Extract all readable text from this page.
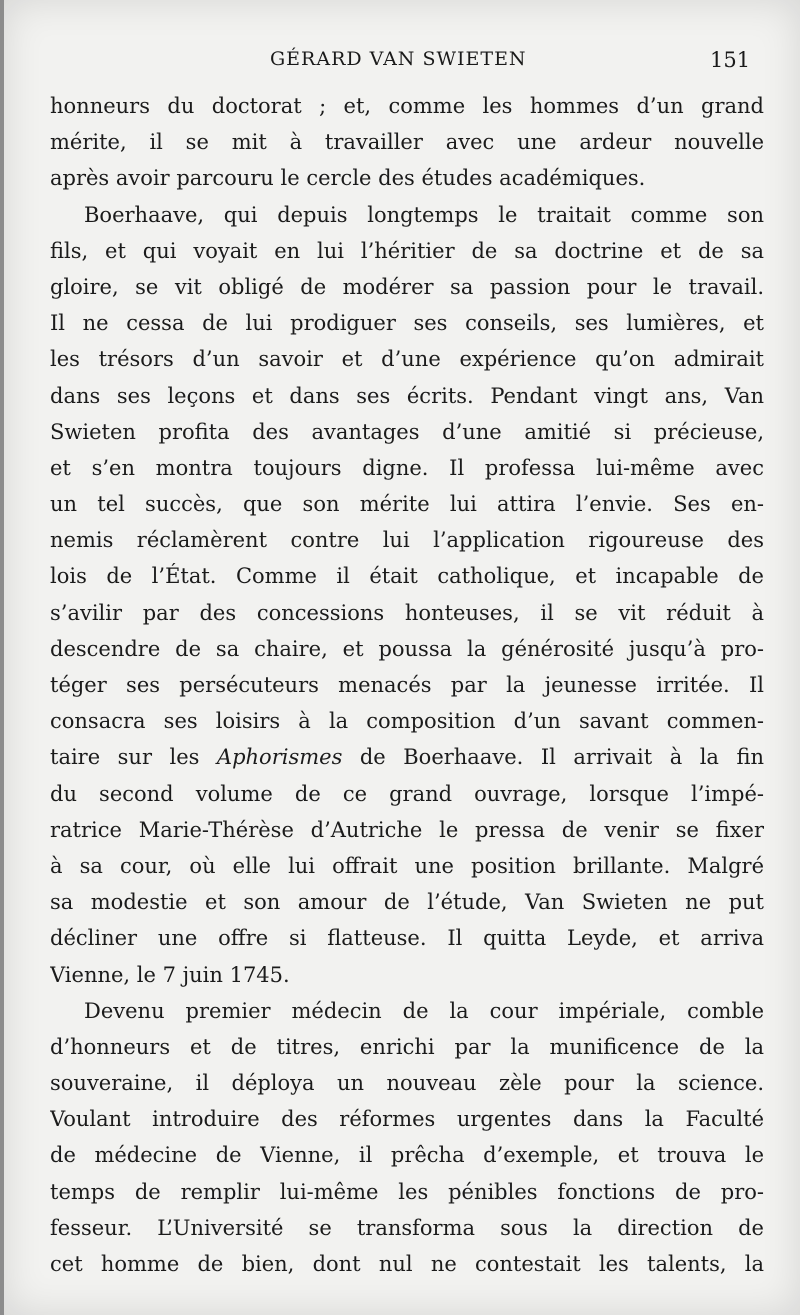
GÉRARD VAN SWIETEN	151
honneurs du doctorat ; et, comme les hommes d’un grand
mérite, il se mit à travailler avec une ardeur nouvelle
après avoir parcouru le cercle des études académiques.
Boerhaave, qui depuis longtemps le traitait comme son
fils, et qui voyait en lui l’héritier de sa doctrine et de sa
gloire, se vit obligé de modérer sa passion pour le travail.
Il ne cessa de lui prodiguer ses conseils, ses lumières, et
les trésors d’un savoir et d’une expérience qu’on admirait
dans ses leçons et dans ses écrits. Pendant vingt ans, Van
Swieten profita des avantages d’une amitié si précieuse,
et s’en montra toujours digne. Il professa lui-même avec
un tel succès, que son mérite lui attira l’envie. Ses en-
nemis réclamèrent contre lui l’application rigoureuse des
lois de l’État. Comme il était catholique, et incapable de
s’avilir par des concessions honteuses, il se vit réduit à
descendre de sa chaire, et poussa la générosité jusqu’à pro-
téger ses persécuteurs menacés par la jeunesse irritée. Il
consacra ses loisirs à la composition d’un savant commen-
taire sur les Aphorismes de Boerhaave. Il arrivait à la fin
du second volume de ce grand ouvrage, lorsque l’impé-
ratrice Marie-Thérèse d’Autriche le pressa de venir se fixer
à sa cour, où elle lui offrait une position brillante. Malgré
sa modestie et son amour de l’étude, Van Swieten ne put
décliner une offre si flatteuse. Il quitta Leyde, et arriva
Vienne, le 7 juin 1745.
Devenu premier médecin de la cour impériale, comble
d’honneurs et de titres, enrichi par la munificence de la
souveraine, il déploya un nouveau zèle pour la science.
Voulant introduire des réformes urgentes dans la Faculté
de médecine de Vienne, il prêcha d’exemple, et trouva le
temps de remplir lui-même les pénibles fonctions de pro-
fesseur. L’Université se transforma sous la direction de
cet homme de bien, dont nul ne contestait les talents, la
